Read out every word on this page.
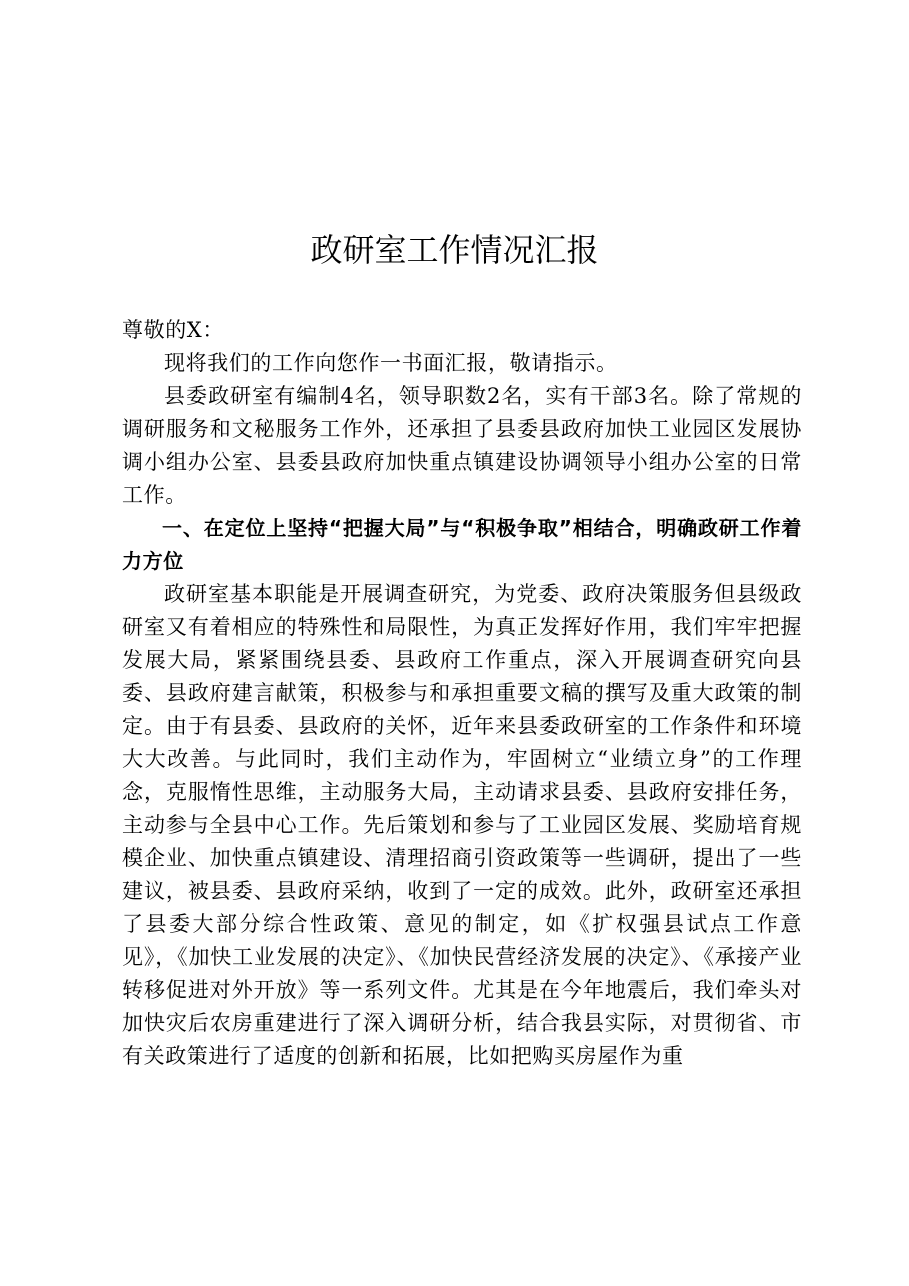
政研室工作情况汇报

尊敬的X：

现将我们的工作向您作一书面汇报，敬请指示。

县委政研室有编制4名，领导职数2名，实有干部3名。除了常规的调研服务和文秘服务工作外，还承担了县委县政府加快工业园区发展协调小组办公室、县委县政府加快重点镇建设协调领导小组办公室的日常工作。

一、在定位上坚持“把握大局”与“积极争取”相结合，明确政研工作着力方位

政研室基本职能是开展调查研究，为党委、政府决策服务但县级政研室又有着相应的特殊性和局限性，为真正发挥好作用，我们牢牢把握发展大局，紧紧围绕县委、县政府工作重点，深入开展调查研究向县委、县政府建言献策，积极参与和承担重要文稿的撰写及重大政策的制定。由于有县委、县政府的关怀，近年来县委政研室的工作条件和环境大大改善。与此同时，我们主动作为，牢固树立“业绩立身”的工作理念，克服惰性思维，主动服务大局，主动请求县委、县政府安排任务，主动参与全县中心工作。先后策划和参与了工业园区发展、奖励培育规模企业、加快重点镇建设、清理招商引资政策等一些调研，提出了一些建议，被县委、县政府采纳，收到了一定的成效。此外，政研室还承担了县委大部分综合性政策、意见的制定，如《扩权强县试点工作意见》，《加快工业发展的决定》、《加快民营经济发展的决定》、《承接产业转移促进对外开放》等一系列文件。尤其是在今年地震后，我们牵头对加快灾后农房重建进行了深入调研分析，结合我县实际，对贯彻省、市有关政策进行了适度的创新和拓展，比如把购买房屋作为重
